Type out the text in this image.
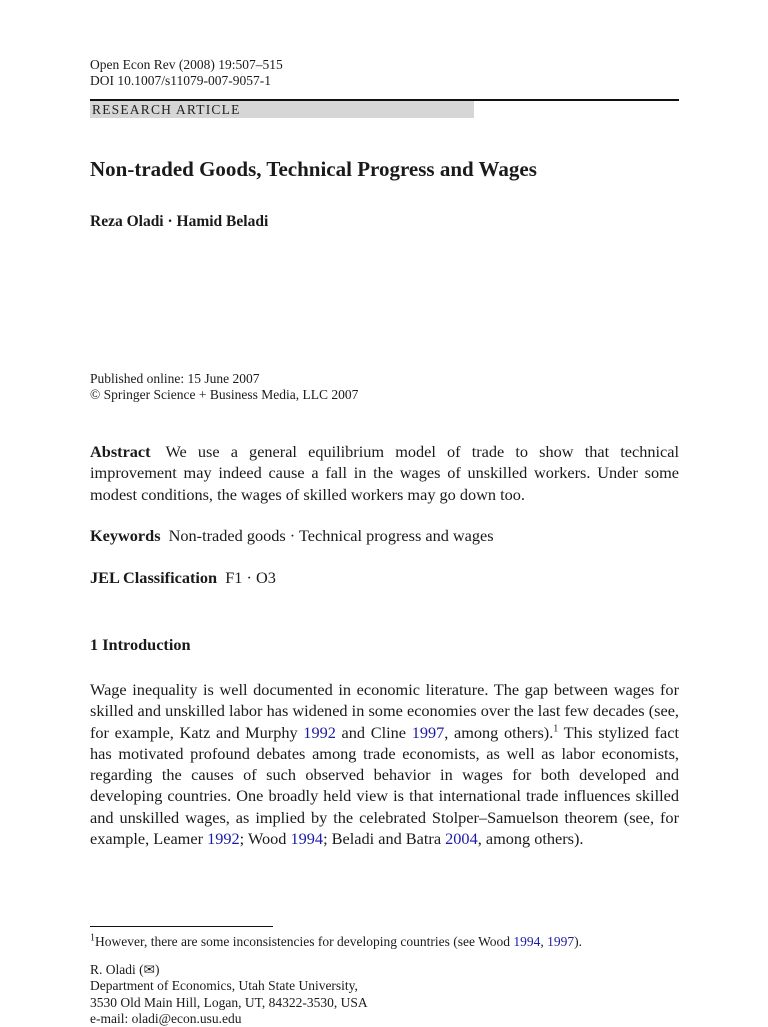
Open Econ Rev (2008) 19:507–515
DOI 10.1007/s11079-007-9057-1
RESEARCH ARTICLE
Non-traded Goods, Technical Progress and Wages
Reza Oladi · Hamid Beladi
Published online: 15 June 2007
© Springer Science + Business Media, LLC 2007
Abstract We use a general equilibrium model of trade to show that technical improvement may indeed cause a fall in the wages of unskilled workers. Under some modest conditions, the wages of skilled workers may go down too.
Keywords Non-traded goods · Technical progress and wages
JEL Classification F1 · O3
1 Introduction
Wage inequality is well documented in economic literature. The gap between wages for skilled and unskilled labor has widened in some economies over the last few decades (see, for example, Katz and Murphy 1992 and Cline 1997, among others).$^1$ This stylized fact has motivated profound debates among trade economists, as well as labor economists, regarding the causes of such observed behavior in wages for both developed and developing countries. One broadly held view is that international trade influences skilled and unskilled wages, as implied by the celebrated Stolper–Samuelson theorem (see, for example, Leamer 1992; Wood 1994; Beladi and Batra 2004, among others).
$^1$However, there are some inconsistencies for developing countries (see Wood 1994, 1997).
R. Oladi (✉)
Department of Economics, Utah State University,
3530 Old Main Hill, Logan, UT, 84322-3530, USA
e-mail: oladi@econ.usu.edu
